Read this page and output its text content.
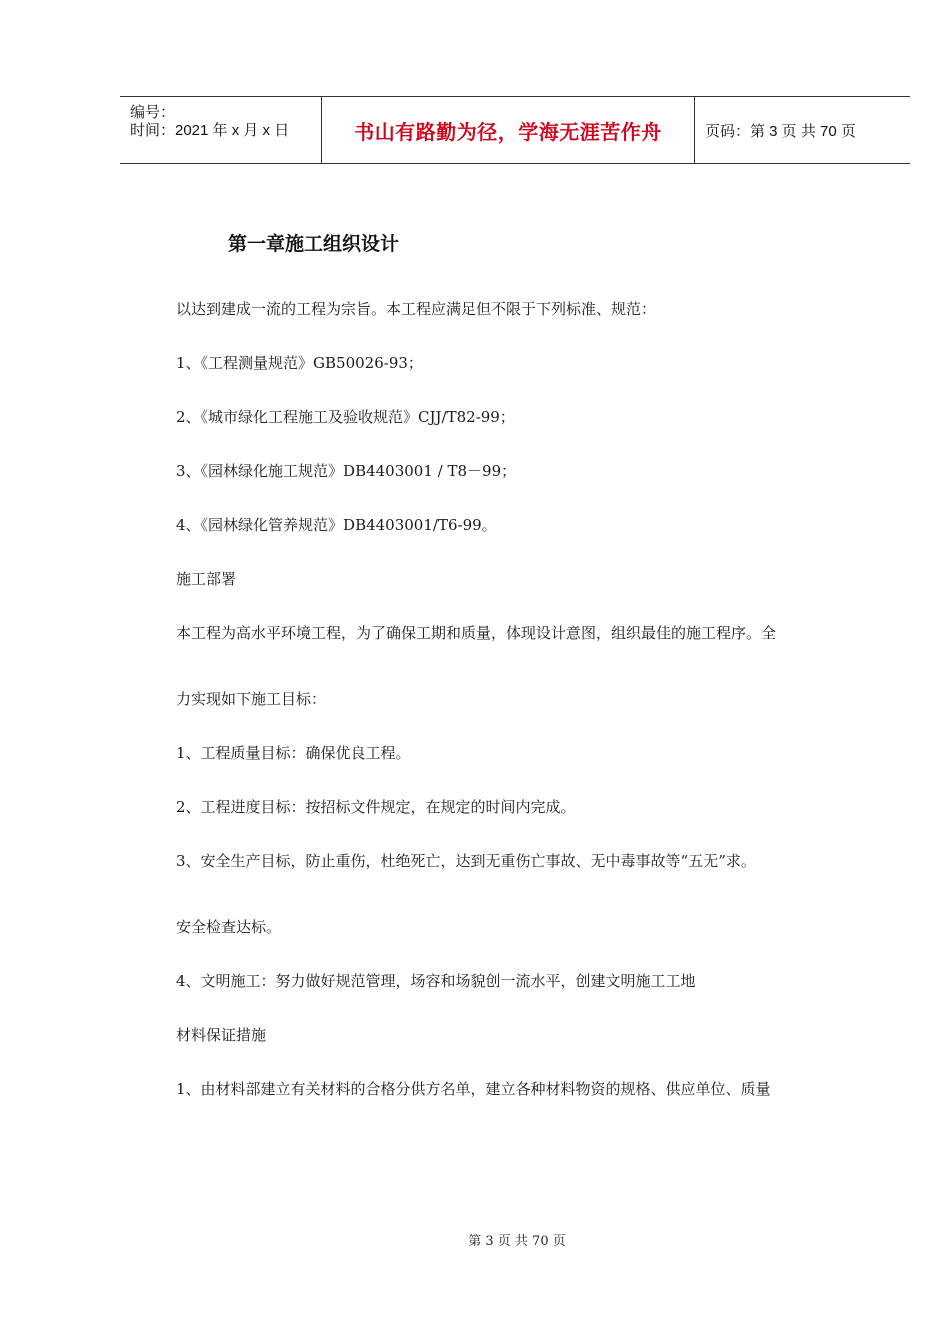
编号：
时间：2021 年 x 月 x 日	书山有路勤为径，学海无涯苦作舟	页码：第 3 页 共 70 页
第一章施工组织设计
以达到建成一流的工程为宗旨。本工程应满足但不限于下列标准、规范：
1、《工程测量规范》GB50026-93；
2、《城市绿化工程施工及验收规范》CJJ/T82-99；
3、《园林绿化施工规范》DB4403001 / T8－99；
4、《园林绿化管养规范》DB4403001/T6-99。
施工部署
本工程为高水平环境工程，为了确保工期和质量，体现设计意图，组织最佳的施工程序。全
力实现如下施工目标：
1、工程质量目标：确保优良工程。
2、工程进度目标：按招标文件规定，在规定的时间内完成。
3、安全生产目标，防止重伤，杜绝死亡，达到无重伤亡事故、无中毒事故等“五无”求。
安全检查达标。
4、文明施工：努力做好规范管理，场容和场貌创一流水平，创建文明施工工地
材料保证措施
1、由材料部建立有关材料的合格分供方名单，建立各种材料物资的规格、供应单位、质量
第 3 页 共 70 页
